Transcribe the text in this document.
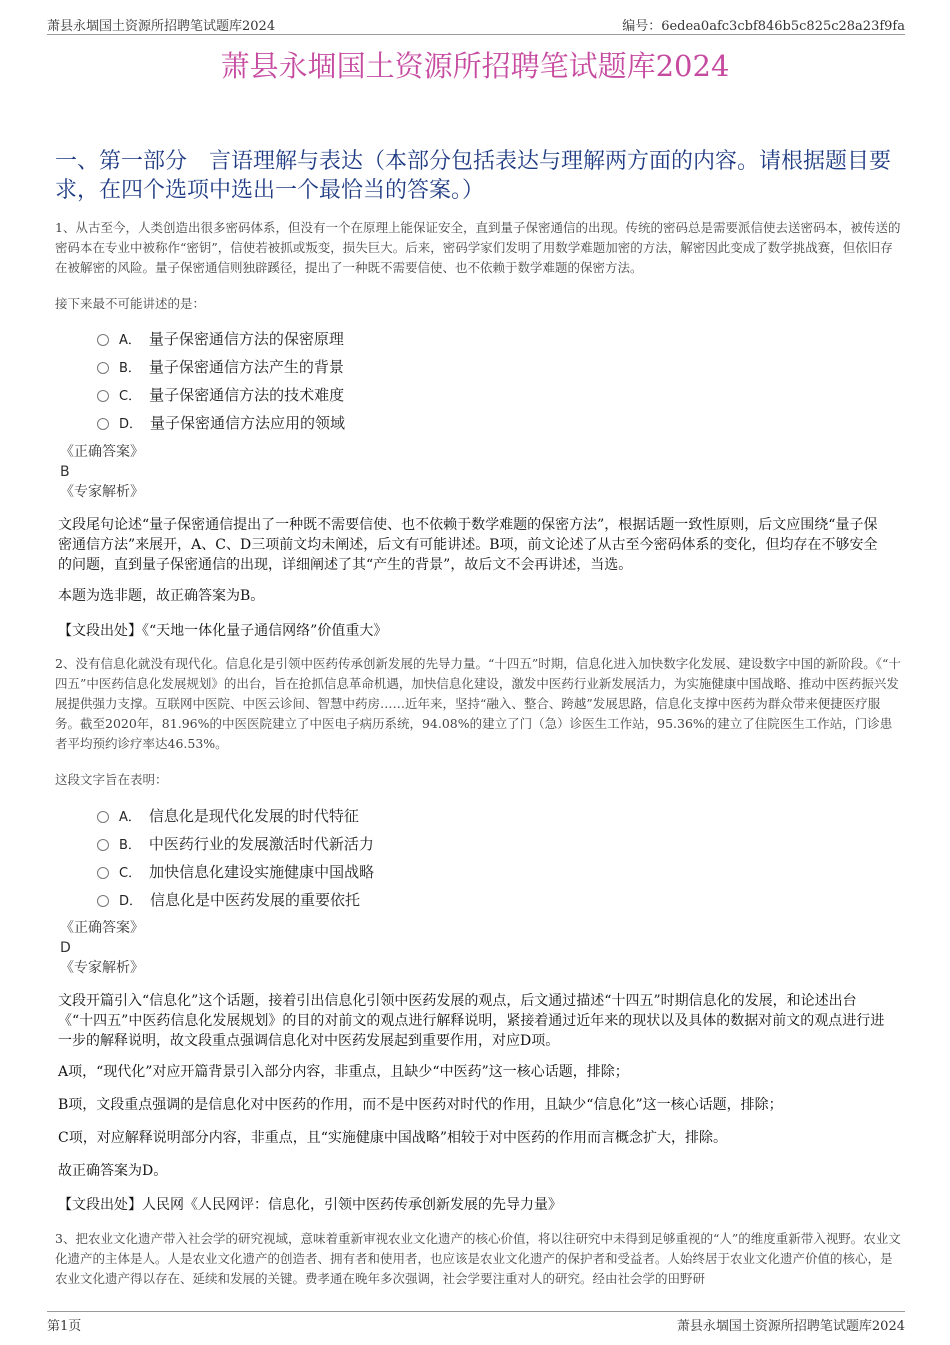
萧县永堌国土资源所招聘笔试题库2024	编号：6edea0afc3cbf846b5c825c28a23f9fa
萧县永堌国土资源所招聘笔试题库2024
一、第一部分　言语理解与表达（本部分包括表达与理解两方面的内容。请根据题目要求，在四个选项中选出一个最恰当的答案。）
1、从古至今，人类创造出很多密码体系，但没有一个在原理上能保证安全，直到量子保密通信的出现。传统的密码总是需要派信使去送密码本，被传送的密码本在专业中被称作“密钥”，信使若被抓或叛变，损失巨大。后来，密码学家们发明了用数学难题加密的方法，解密因此变成了数学挑战赛，但依旧存在被解密的风险。量子保密通信则独辟蹊径，提出了一种既不需要信使、也不依赖于数学难题的保密方法。
接下来最不可能讲述的是：
A． 量子保密通信方法的保密原理
B． 量子保密通信方法产生的背景
C． 量子保密通信方法的技术难度
D． 量子保密通信方法应用的领域
《正确答案》
B
《专家解析》
文段尾句论述“量子保密通信提出了一种既不需要信使、也不依赖于数学难题的保密方法”，根据话题一致性原则，后文应围绕“量子保密通信方法”来展开，A、C、D三项前文均未阐述，后文有可能讲述。B项，前文论述了从古至今密码体系的变化，但均存在不够安全的问题，直到量子保密通信的出现，详细阐述了其“产生的背景”，故后文不会再讲述，当选。
本题为选非题，故正确答案为B。
【文段出处】《“天地一体化量子通信网络”价值重大》
2、没有信息化就没有现代化。信息化是引领中医药传承创新发展的先导力量。“十四五”时期，信息化进入加快数字化发展、建设数字中国的新阶段。《“十四五”中医药信息化发展规划》的出台，旨在抢抓信息革命机遇，加快信息化建设，激发中医药行业新发展活力，为实施健康中国战略、推动中医药振兴发展提供强力支撑。互联网中医院、中医云诊间、智慧中药房……近年来，坚持“融入、整合、跨越”发展思路，信息化支撑中医药为群众带来便捷医疗服务。截至2020年，81.96%的中医医院建立了中医电子病历系统，94.08%的建立了门（急）诊医生工作站，95.36%的建立了住院医生工作站，门诊患者平均预约诊疗率达46.53%。
这段文字旨在表明：
A． 信息化是现代化发展的时代特征
B． 中医药行业的发展激活时代新活力
C． 加快信息化建设实施健康中国战略
D． 信息化是中医药发展的重要依托
《正确答案》
D
《专家解析》
文段开篇引入“信息化”这个话题，接着引出信息化引领中医药发展的观点，后文通过描述“十四五”时期信息化的发展，和论述出台《“十四五”中医药信息化发展规划》的目的对前文的观点进行解释说明，紧接着通过近年来的现状以及具体的数据对前文的观点进行进一步的解释说明，故文段重点强调信息化对中医药发展起到重要作用，对应D项。
A项，“现代化”对应开篇背景引入部分内容，非重点，且缺少“中医药”这一核心话题，排除；
B项，文段重点强调的是信息化对中医药的作用，而不是中医药对时代的作用，且缺少“信息化”这一核心话题，排除；
C项，对应解释说明部分内容，非重点，且“实施健康中国战略”相较于对中医药的作用而言概念扩大，排除。
故正确答案为D。
【文段出处】人民网《人民网评：信息化，引领中医药传承创新发展的先导力量》
3、把农业文化遗产带入社会学的研究视域，意味着重新审视农业文化遗产的核心价值，将以往研究中未得到足够重视的“人”的维度重新带入视野。农业文化遗产的主体是人。人是农业文化遗产的创造者、拥有者和使用者，也应该是农业文化遗产的保护者和受益者。人始终居于农业文化遗产价值的核心，是农业文化遗产得以存在、延续和发展的关键。费孝通在晚年多次强调，社会学要注重对人的研究。经由社会学的田野研
第1页	萧县永堌国土资源所招聘笔试题库2024
